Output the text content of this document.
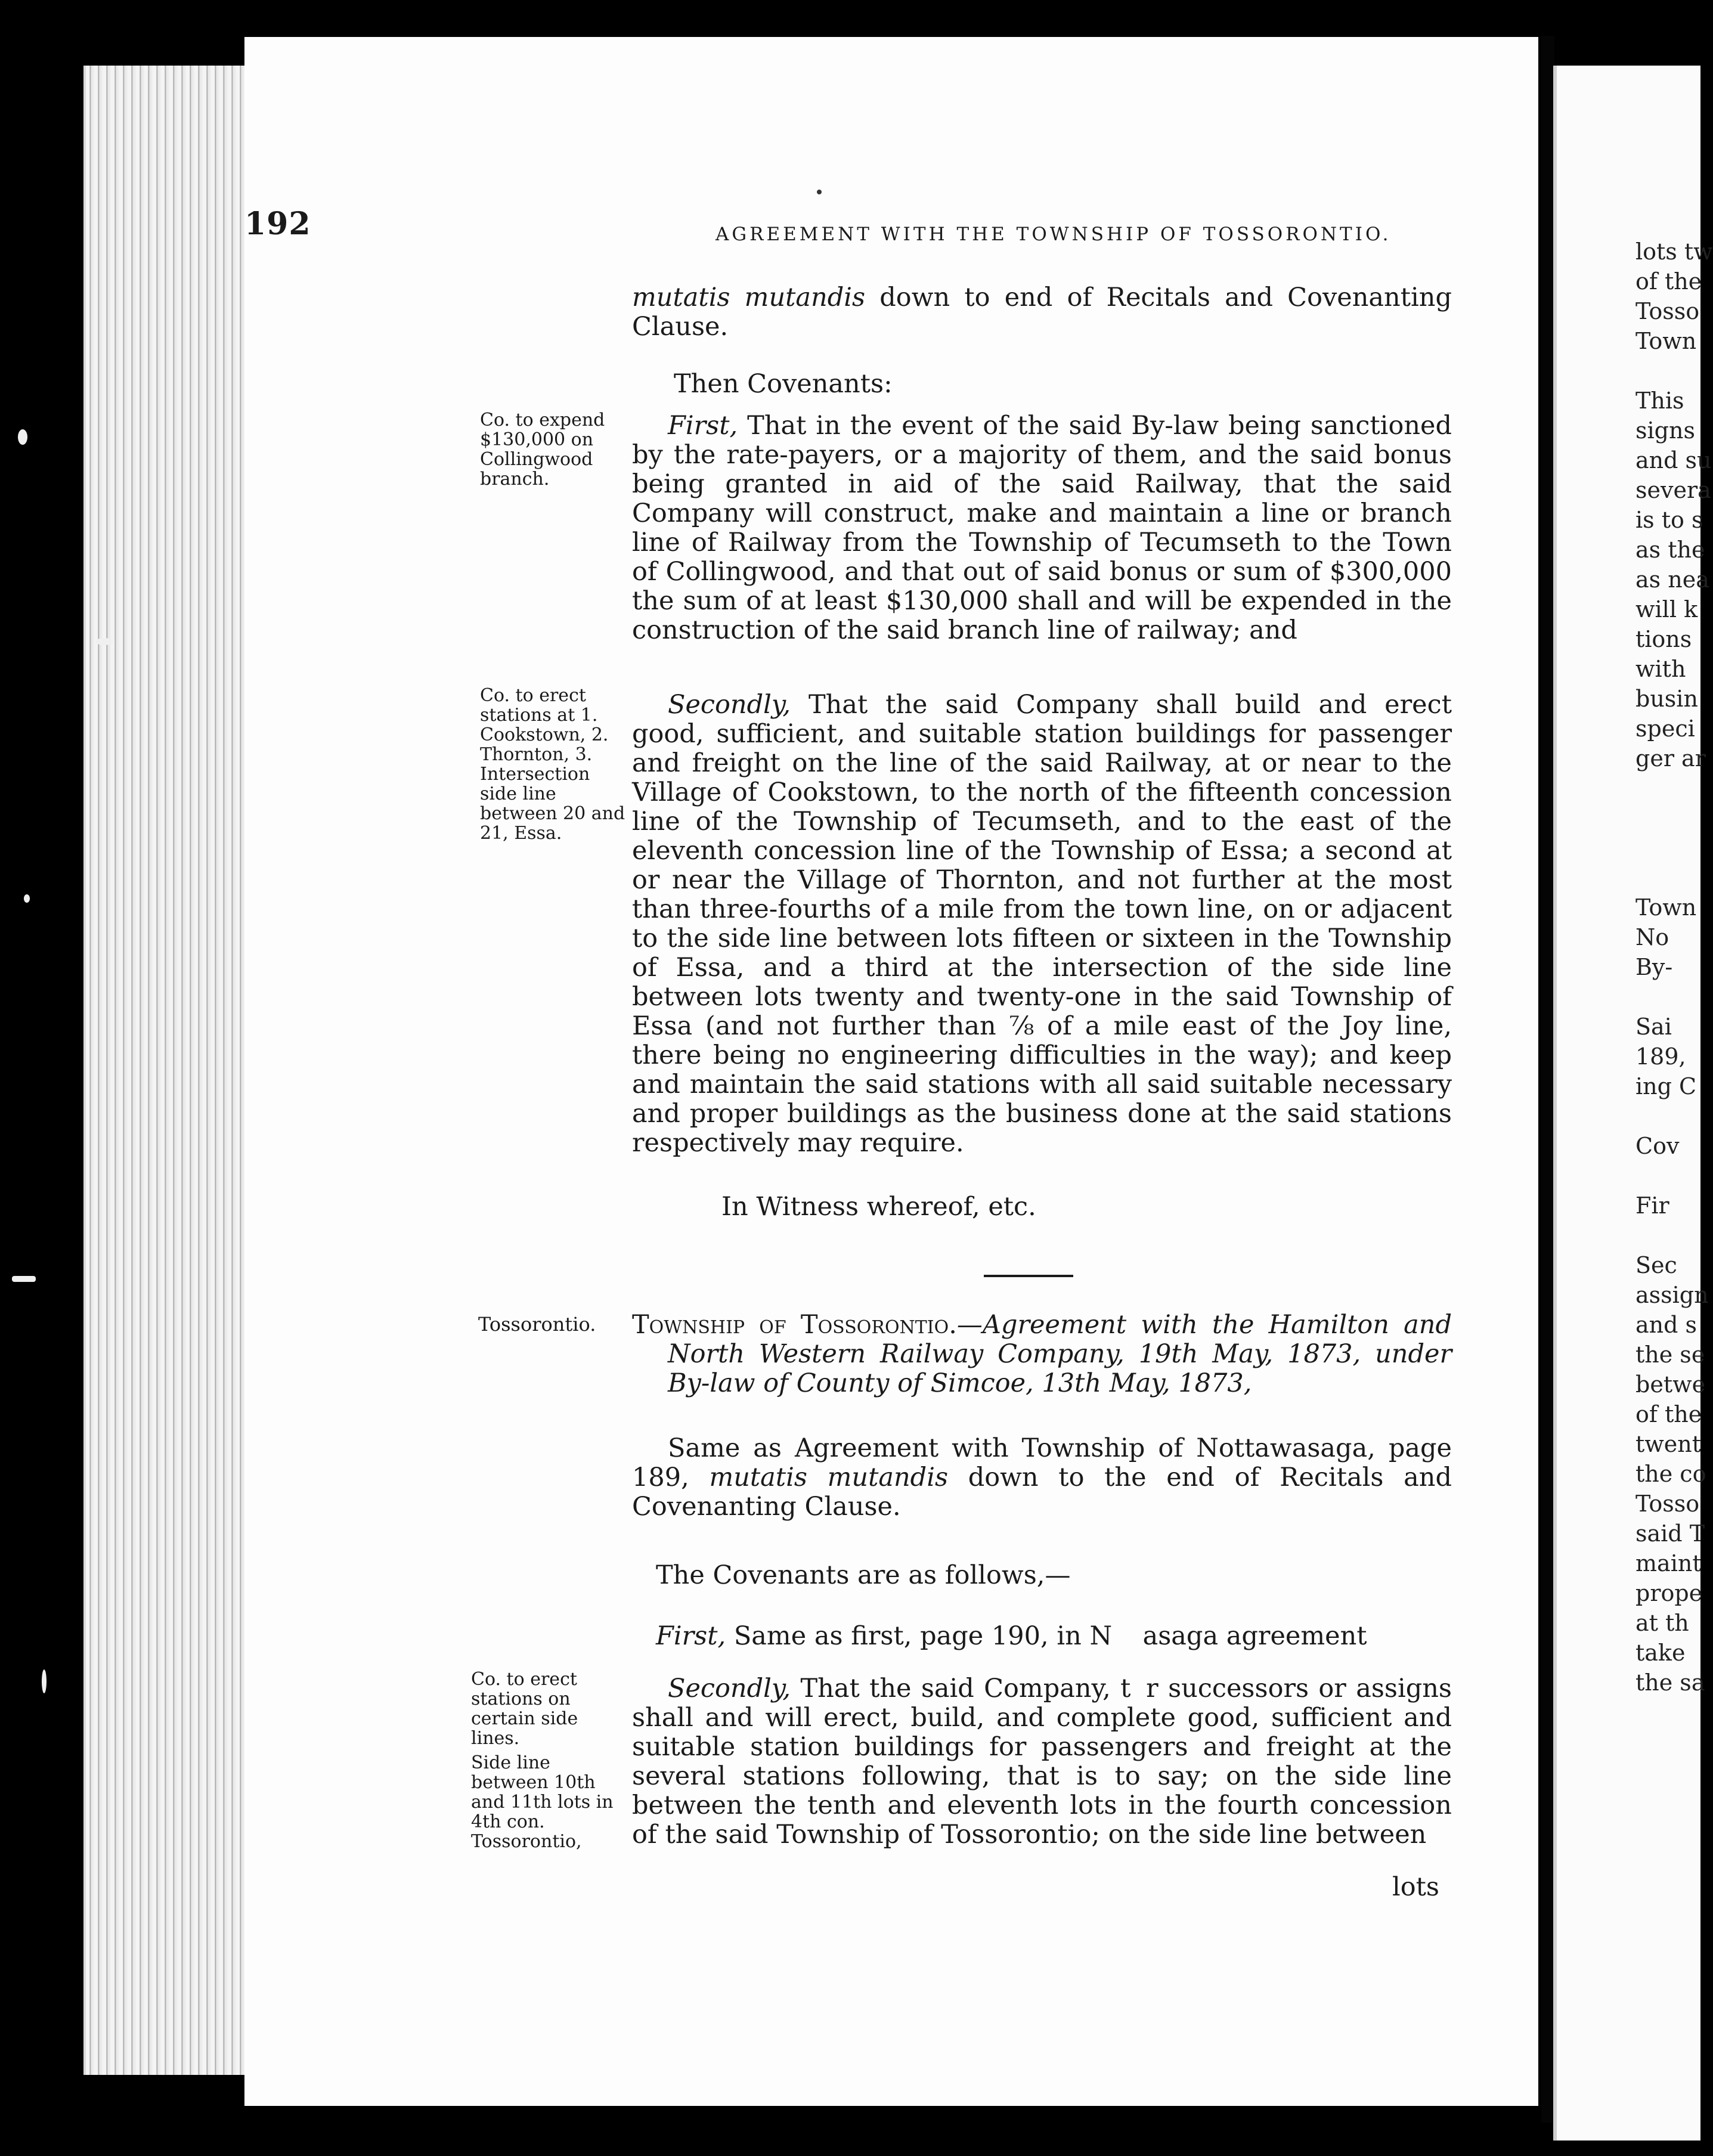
lots tw
of the
Tosso
Town
This
signs
and su
severa
is to s
as the
as nea
will k
tions
with
busin
speci
ger ar
Town
No
By-
Sai
189,
ing C
Cov
Fir
Sec
assign
and s
the se
betwe
of the
twent
the co
Tosso
said T
maint
prope
at th
take
the sa
192	AGREEMENT WITH THE TOWNSHIP OF TOSSORONTIO.

mutatis mutandis down to end of Recitals and Covenanting Clause.

Then Covenants:

Co. to expend $130,000 on Collingwood branch.

First, That in the event of the said By-law being sanctioned by the rate-payers, or a majority of them, and the said bonus being granted in aid of the said Railway, that the said Company will construct, make and maintain a line or branch line of Railway from the Township of Tecumseth to the Town of Collingwood, and that out of said bonus or sum of $300,000 the sum of at least $130,000 shall and will be expended in the construction of the said branch line of railway; and

Co. to erect stations at 1. Cookstown, 2. Thornton, 3. Intersection side line between 20 and 21, Essa.

Secondly, That the said Company shall build and erect good, sufficient, and suitable station buildings for passenger and freight on the line of the said Railway, at or near to the Village of Cookstown, to the north of the fifteenth concession line of the Township of Tecumseth, and to the east of the eleventh concession line of the Township of Essa; a second at or near the Village of Thornton, and not further at the most than three-fourths of a mile from the town line, on or adjacent to the side line between lots fifteen or sixteen in the Township of Essa, and a third at the intersection of the side line between lots twenty and twenty-one in the said Township of Essa (and not further than ⅞ of a mile east of the Joy line, there being no engineering difficulties in the way); and keep and maintain the said stations with all said suitable necessary and proper buildings as the business done at the said stations respectively may require.

In Witness whereof, etc.

Tossorontio.	Township of Tossorontio.—Agreement with the Hamilton and North Western Railway Company, 19th May, 1873, under By-law of County of Simcoe, 13th May, 1873,

Same as Agreement with Township of Nottawasaga, page 189, mutatis mutandis down to the end of Recitals and Covenanting Clause.

The Covenants are as follows,—

First, Same as first, page 190, in N      asaga agreement

Co. to erect stations on certain side lines.
Side line between 10th and 11th lots in 4th con. Tossorontio,

Secondly, That the said Company, t   r successors or assigns shall and will erect, build, and complete good, sufficient and suitable station buildings for passengers and freight at the several stations following, that is to say; on the side line between the tenth and eleventh lots in the fourth concession of the said Township of Tossorontio; on the side line between

lots
